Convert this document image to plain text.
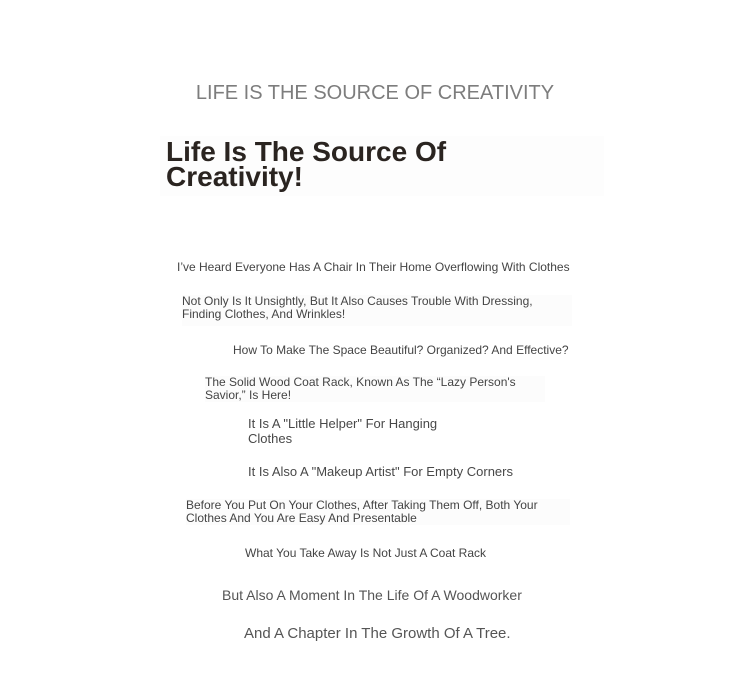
LIFE IS THE SOURCE OF CREATIVITY
Life Is The Source Of Creativity!
I’ve Heard Everyone Has A Chair In Their Home Overflowing With Clothes
Not Only Is It Unsightly, But It Also Causes Trouble With Dressing, Finding Clothes, And Wrinkles!
How To Make The Space Beautiful? Organized? And Effective?
The Solid Wood Coat Rack, Known As The “Lazy Person's Savior,” Is Here!
It Is A "Little Helper" For Hanging Clothes
It Is Also A "Makeup Artist" For Empty Corners
Before You Put On Your Clothes, After Taking Them Off, Both Your Clothes And You Are Easy And Presentable
What You Take Away Is Not Just A Coat Rack
But Also A Moment In The Life Of A Woodworker
And A Chapter In The Growth Of A Tree.
